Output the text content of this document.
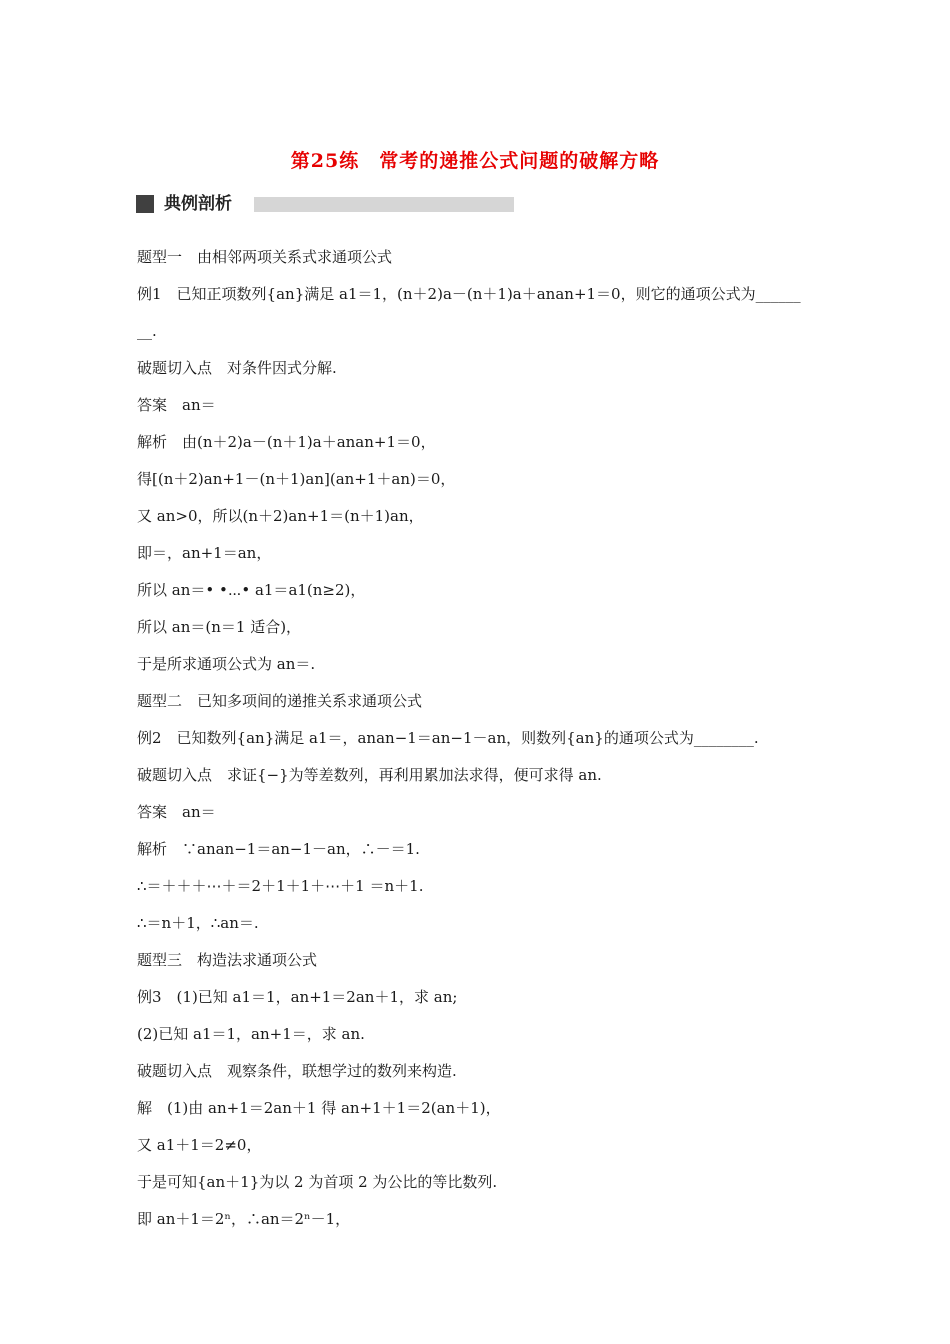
第25练　常考的递推公式问题的破解方略
典例剖析
题型一　由相邻两项关系式求通项公式
例1　已知正项数列{an}满足 a1＝1，(n＋2)a－(n＋1)a＋anan+1＝0，则它的通项公式为______
__.
破题切入点　对条件因式分解.
答案　an＝
解析　由(n＋2)a－(n＋1)a＋anan+1＝0，
得[(n＋2)an+1－(n＋1)an](an+1＋an)＝0，
又 an>0，所以(n＋2)an+1＝(n＋1)an，
即＝，an+1＝an，
所以 an＝• •⋯• a1＝a1(n≥2)，
所以 an＝(n＝1 适合)，
于是所求通项公式为 an＝.
题型二　已知多项间的递推关系求通项公式
例2　已知数列{an}满足 a1＝，anan−1＝an−1－an，则数列{an}的通项公式为________.
破题切入点　求证{−}为等差数列，再利用累加法求得，便可求得 an.
答案　an＝
解析　∵anan−1＝an−1－an，∴－＝1.
∴＝＋＋＋⋯＋＝2＋1＋1＋⋯＋1 ＝n＋1.
∴＝n＋1，∴an＝.
题型三　构造法求通项公式
例3　(1)已知 a1＝1，an+1＝2an＋1，求 an;
(2)已知 a1＝1，an+1＝，求 an.
破题切入点　观察条件，联想学过的数列来构造.
解　(1)由 an+1＝2an＋1 得 an+1＋1＝2(an＋1)，
又 a1＋1＝2≠0，
于是可知{an＋1}为以 2 为首项 2 为公比的等比数列.
即 an＋1＝2ⁿ，∴an＝2ⁿ－1，
